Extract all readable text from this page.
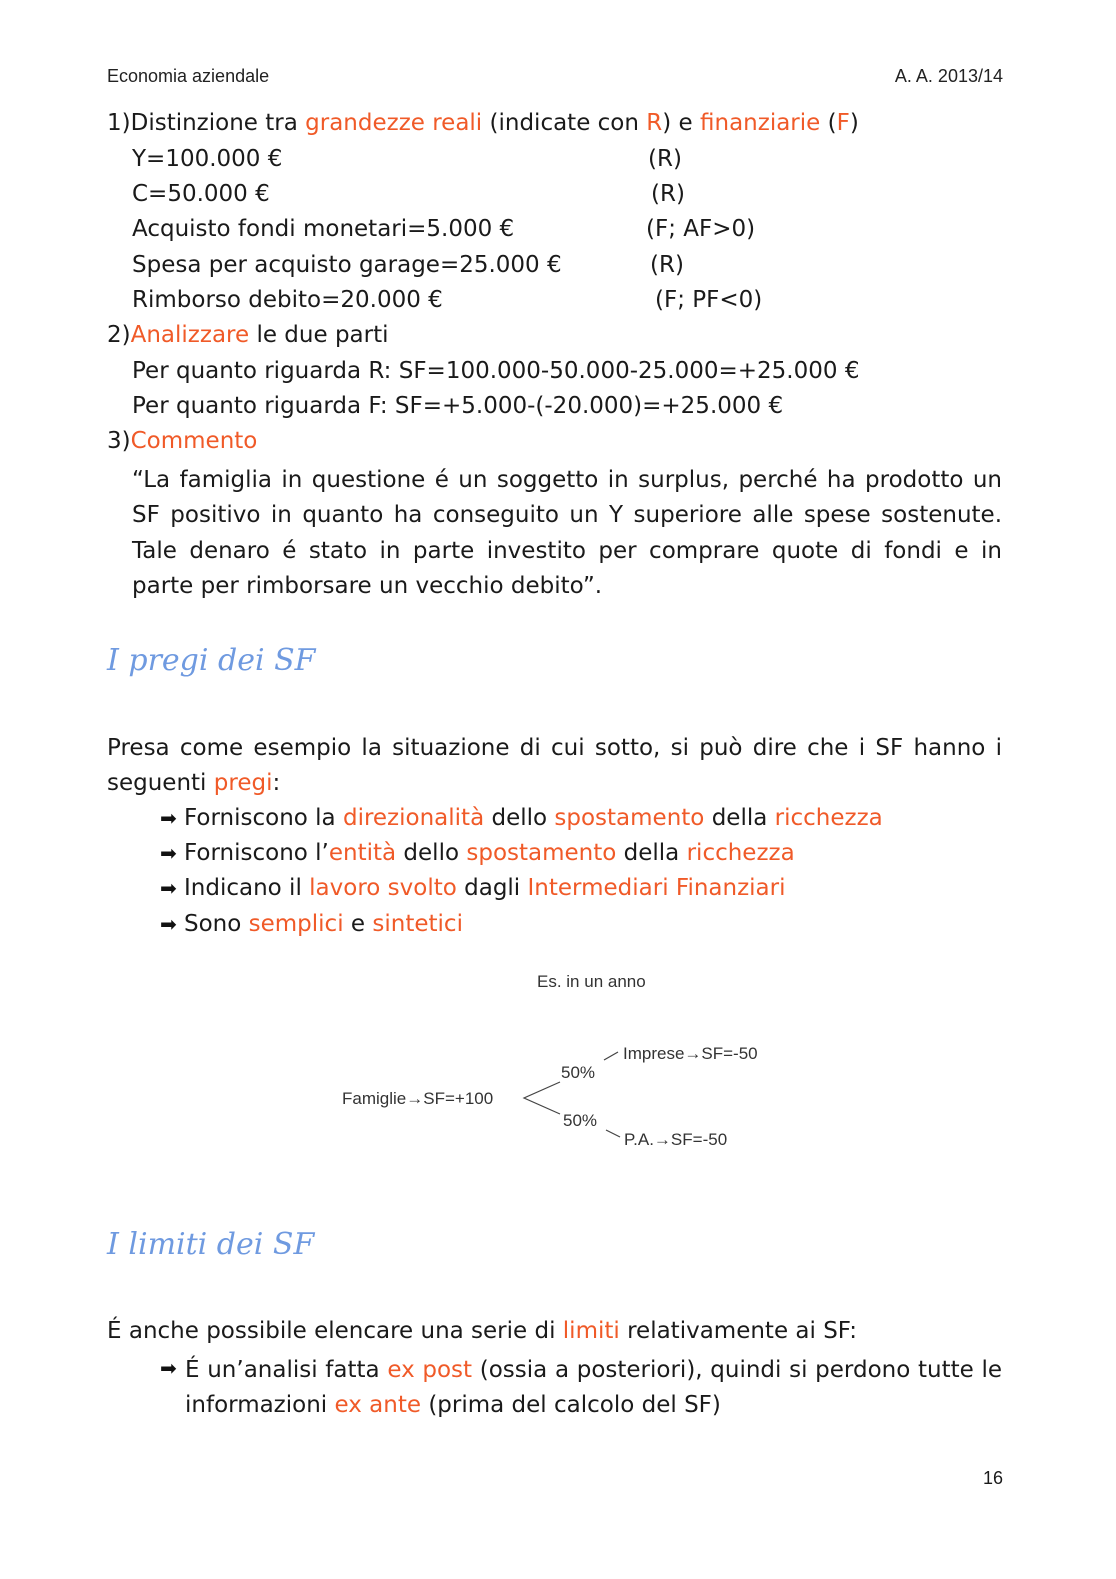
Economia aziendale	A. A. 2013/14
1)Distinzione tra grandezze reali (indicate con R) e finanziarie (F)
Y=100.000 €	(R)
C=50.000 €	(R)
Acquisto fondi monetari=5.000 €	(F; AF>0)
Spesa per acquisto garage=25.000 €	(R)
Rimborso debito=20.000 €	(F; PF<0)
2)Analizzare le due parti
Per quanto riguarda R: SF=100.000-50.000-25.000=+25.000 €
Per quanto riguarda F: SF=+5.000-(-20.000)=+25.000 €
3)Commento
“La famiglia in questione é un soggetto in surplus, perché ha prodotto un SF positivo in quanto ha conseguito un Y superiore alle spese sostenute. Tale denaro é stato in parte investito per comprare quote di fondi e in parte per rimborsare un vecchio debito”.
I pregi dei SF
Presa come esempio la situazione di cui sotto, si può dire che i SF hanno i seguenti pregi:
➡ Forniscono la direzionalità dello spostamento della ricchezza
➡ Forniscono l’entità dello spostamento della ricchezza
➡ Indicano il lavoro svolto dagli Intermediari Finanziari
➡ Sono semplici e sintetici
Es. in un anno
Famiglie→SF=+100
50%
Imprese→SF=-50
50%
P.A.→SF=-50
I limiti dei SF
É anche possibile elencare una serie di limiti relativamente ai SF:
➡ É un’analisi fatta ex post (ossia a posteriori), quindi si perdono tutte le informazioni ex ante (prima del calcolo del SF)
16
